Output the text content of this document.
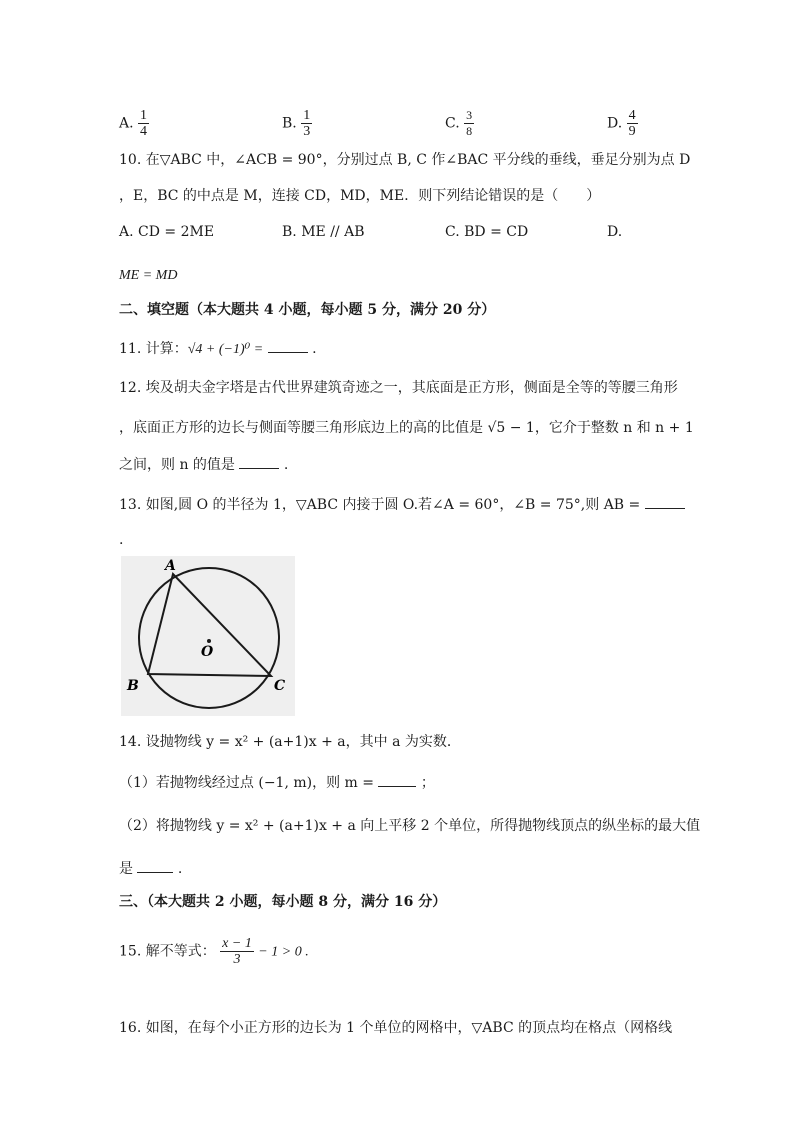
A. $\frac{1}{4}$	B. $\frac{1}{3}$	C. $\frac{3}{8}$	D. $\frac{4}{9}$
10. 在▽ABC 中，∠ACB = 90°，分别过点 B, C 作∠BAC 平分线的垂线，垂足分别为点 D
，E，BC 的中点是 M，连接 CD，MD，ME．则下列结论错误的是（　　）
A. CD = 2ME	B. ME // AB	C. BD = CD	D.
ME = MD
二、填空题（本大题共 4 小题，每小题 5 分，满分 20 分）
11. 计算：√4 + (−1)⁰ =	.
12. 埃及胡夫金字塔是古代世界建筑奇迹之一，其底面是正方形，侧面是全等的等腰三角形
，底面正方形的边长与侧面等腰三角形底边上的高的比值是 √5 − 1，它介于整数 n 和 n + 1
之间，则 n 的值是	.
13. 如图,圆 O 的半径为 1，▽ABC 内接于圆 O.若∠A = 60°，∠B = 75°,则 AB =
.
A
B	C
O
14. 设抛物线 y = x² + (a+1)x + a，其中 a 为实数．
（1）若抛物线经过点 (−1, m)，则 m =	；
（2）将抛物线 y = x² + (a+1)x + a 向上平移 2 个单位，所得抛物线顶点的纵坐标的最大值
是	.
三、（本大题共 2 小题，每小题 8 分，满分 16 分）
15. 解不等式： $\frac{x - 1}{3} - 1 > 0$ .
16. 如图，在每个小正方形的边长为 1 个单位的网格中，▽ABC 的顶点均在格点（网格线
